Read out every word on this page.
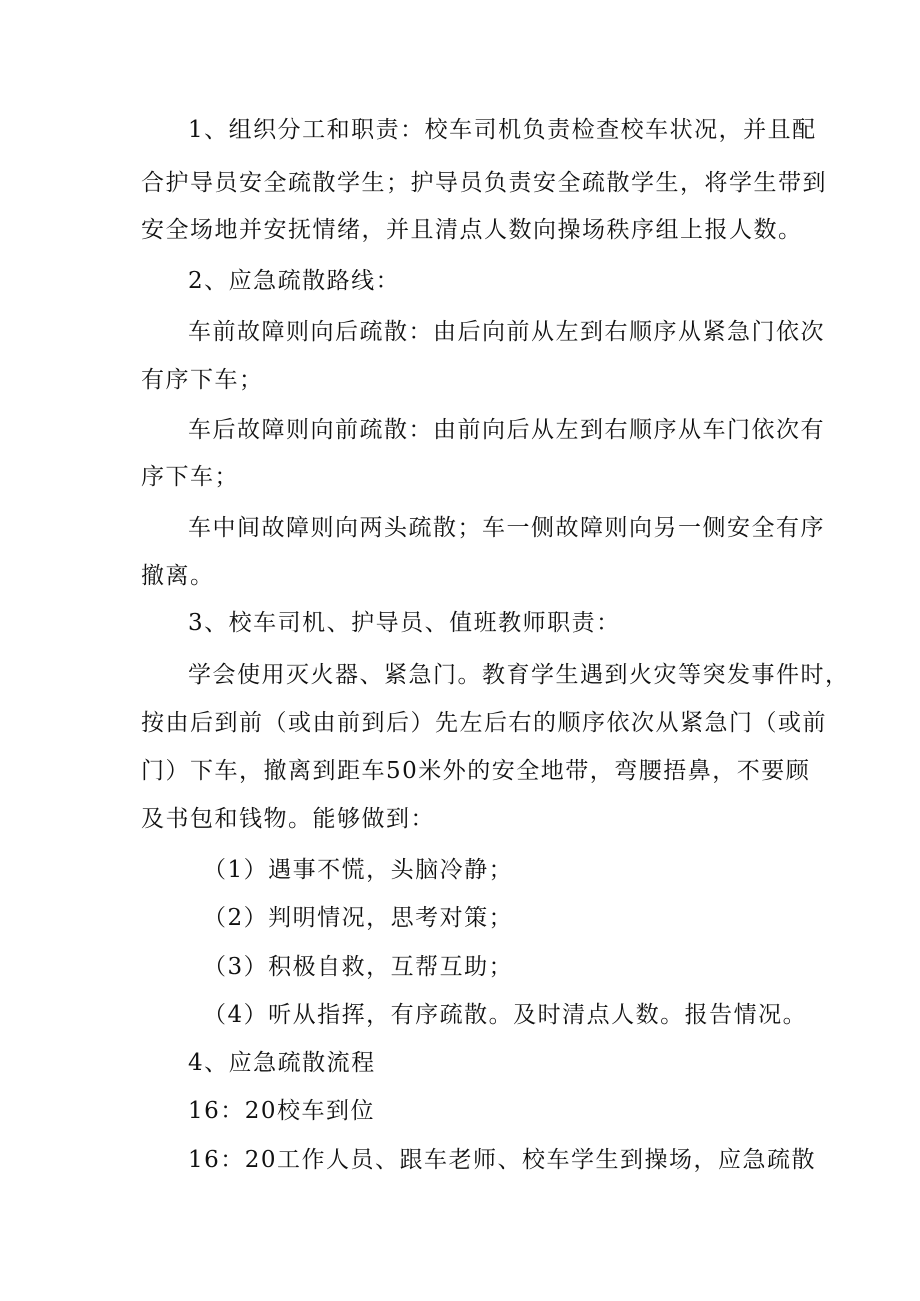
1、组织分工和职责：校车司机负责检查校车状况，并且配
合护导员安全疏散学生；护导员负责安全疏散学生，将学生带到
安全场地并安抚情绪，并且清点人数向操场秩序组上报人数。
2、应急疏散路线：
车前故障则向后疏散：由后向前从左到右顺序从紧急门依次
有序下车；
车后故障则向前疏散：由前向后从左到右顺序从车门依次有
序下车；
车中间故障则向两头疏散；车一侧故障则向另一侧安全有序
撤离。
3、校车司机、护导员、值班教师职责：
学会使用灭火器、紧急门。教育学生遇到火灾等突发事件时，
按由后到前（或由前到后）先左后右的顺序依次从紧急门（或前
门）下车，撤离到距车50米外的安全地带，弯腰捂鼻，不要顾
及书包和钱物。能够做到：
（1）遇事不慌，头脑冷静；
（2）判明情况，思考对策；
（3）积极自救，互帮互助；
（4）听从指挥，有序疏散。及时清点人数。报告情况。
4、应急疏散流程
16：20校车到位
16：20工作人员、跟车老师、校车学生到操场，应急疏散
